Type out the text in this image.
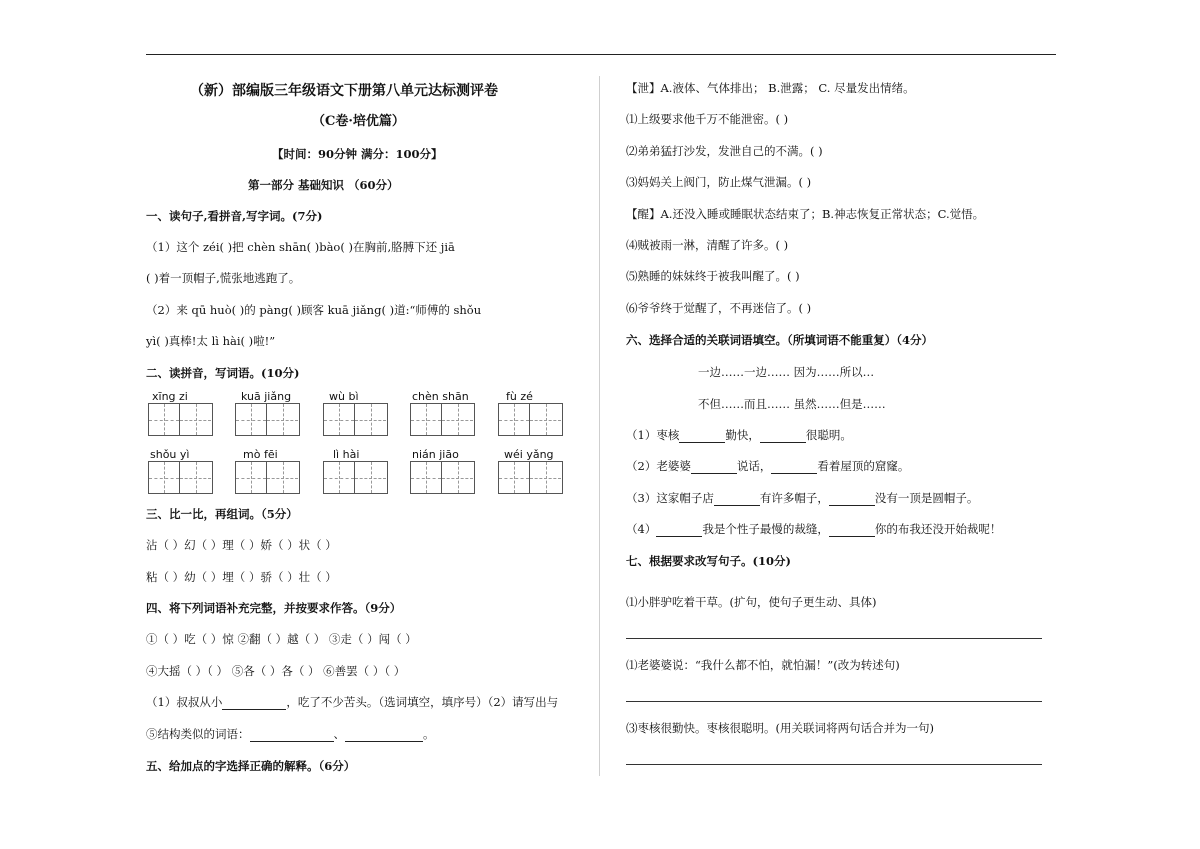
（新）部编版三年级语文下册第八单元达标测评卷
（C卷·培优篇）
【时间：90分钟 满分：100分】
第一部分 基础知识 （60分）
一、读句子,看拼音,写字词。(7分)
（1）这个 zéi( )把 chèn shān( )bào( )在胸前,胳膊下还 jiā
( )着一顶帽子,慌张地逃跑了。
（2）来 qū huò( )的 pàng( )顾客 kuā jiǎng( )道:“师傅的 shǒu
yì( )真棒!太 lì hài( )啦!”
二、读拼音，写词语。(10分)
xīng zi	kuā jiǎng	wù bì	chèn shān	fù zé
shǒu yì	mò fēi	lì hài	nián jiāo	wéi yǎng
三、比一比，再组词。（5分）
沾（ ）幻（ ）理（ ）娇（ ）状（ ）
粘（ ）幼（ ）埋（ ）骄（ ）壮（ ）
四、将下列词语补充完整，并按要求作答。（9分）
①（ ）吃（ ）惊 ②翻（ ）越（ ） ③走（ ）闯（ ）
④大摇（ ）（ ） ⑤各（ ）各（ ） ⑥善罢（ ）（ ）
（1）叔叔从小	，吃了不少苦头。（选词填空，填序号）（2）请写出与
⑤结构类似的词语：	、	。
五、给加点的字选择正确的解释。（6分）
【泄】A.液体、气体排出； B.泄露； C. 尽量发出情绪。
⑴上级要求他千万不能泄密。( )
⑵弟弟猛打沙发，发泄自己的不满。( )
⑶妈妈关上阀门，防止煤气泄漏。( )
【醒】A.还没入睡或睡眠状态结束了；B.神志恢复正常状态；C.觉悟。
⑷贼被雨一淋，清醒了许多。( )
⑸熟睡的妹妹终于被我叫醒了。( )
⑹爷爷终于觉醒了，不再迷信了。( )
六、选择合适的关联词语填空。（所填词语不能重复）（4分）
一边……一边…… 因为……所以…
不但……而且…… 虽然……但是……
（1）枣核	勤快，	很聪明。
（2）老婆婆	说话，	看着屋顶的窟窿。
（3）这家帽子店	有许多帽子，	没有一顶是圆帽子。
（4）	我是个性子最慢的裁缝，	你的布我还没开始裁呢！
七、根据要求改写句子。(10分)
⑴小胖驴吃着干草。(扩句，使句子更生动、具体)
⑴老婆婆说：“我什么都不怕，就怕漏！”(改为转述句)
⑶枣核很勤快。枣核很聪明。(用关联词将两句话合并为一句)
